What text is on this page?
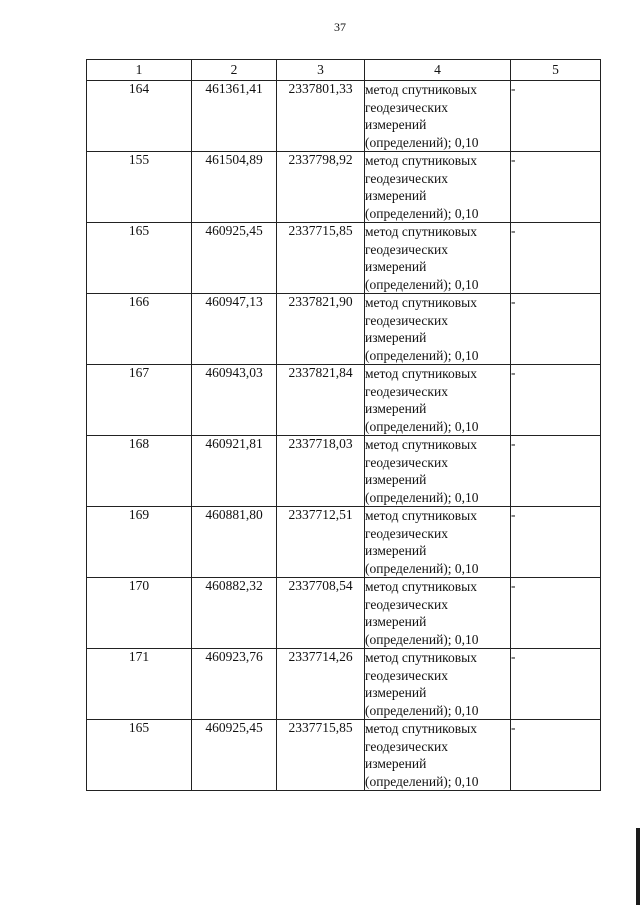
37
1	2	3	4	5
164	461361,41	2337801,33	метод спутниковых
геодезических
измерений
(определений); 0,10	-
155	461504,89	2337798,92	метод спутниковых
геодезических
измерений
(определений); 0,10	-
165	460925,45	2337715,85	метод спутниковых
геодезических
измерений
(определений); 0,10	-
166	460947,13	2337821,90	метод спутниковых
геодезических
измерений
(определений); 0,10	-
167	460943,03	2337821,84	метод спутниковых
геодезических
измерений
(определений); 0,10	-
168	460921,81	2337718,03	метод спутниковых
геодезических
измерений
(определений); 0,10	-
169	460881,80	2337712,51	метод спутниковых
геодезических
измерений
(определений); 0,10	-
170	460882,32	2337708,54	метод спутниковых
геодезических
измерений
(определений); 0,10	-
171	460923,76	2337714,26	метод спутниковых
геодезических
измерений
(определений); 0,10	-
165	460925,45	2337715,85	метод спутниковых
геодезических
измерений
(определений); 0,10	-
